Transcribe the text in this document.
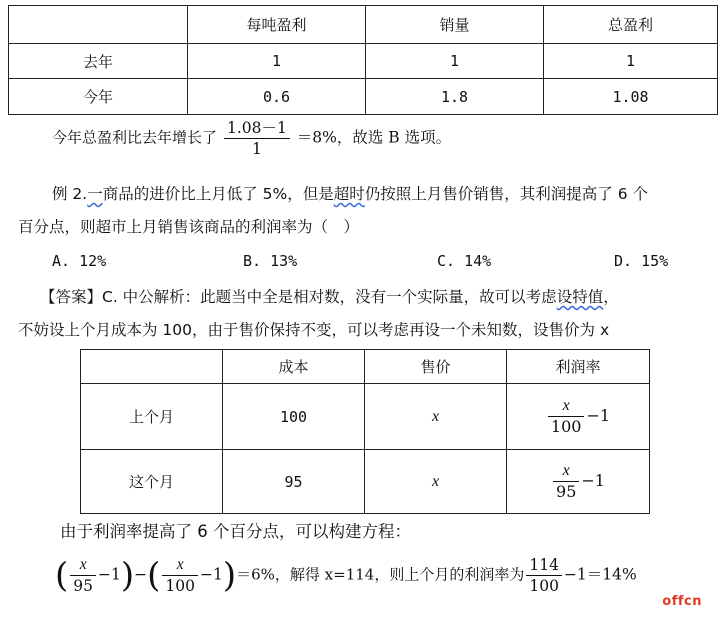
	每吨盈利	销量	总盈利
去年	1	1	1
今年	0.6	1.8	1.08
今年总盈利比去年增长了 $\frac{1.08-1}{1} =8\%$，故选 B 选项。
例 2.一商品的进价比上月低了 5%，但是超时仍按照上月售价销售，其利润提高了 6 个
百分点，则超市上月销售该商品的利润率为（　）
A. 12%	B. 13%	C. 14%	D. 15%
【答案】C. 中公解析：此题当中全是相对数，没有一个实际量，故可以考虑设特值，
不妨设上个月成本为 100，由于售价保持不变，可以考虑再设一个未知数，设售价为 x
	成本	售价	利润率
上个月	100	x	$\frac{x}{100} -1$
这个月	95	x	$\frac{x}{95} -1$
由于利润率提高了 6 个百分点，可以构建方程：
( $\frac{x}{95} -1)-( \frac{x}{100} -1)=6\%$，解得 x=114，则上个月的利润率为 $\frac{114}{100} -1=14\%$
offcn
